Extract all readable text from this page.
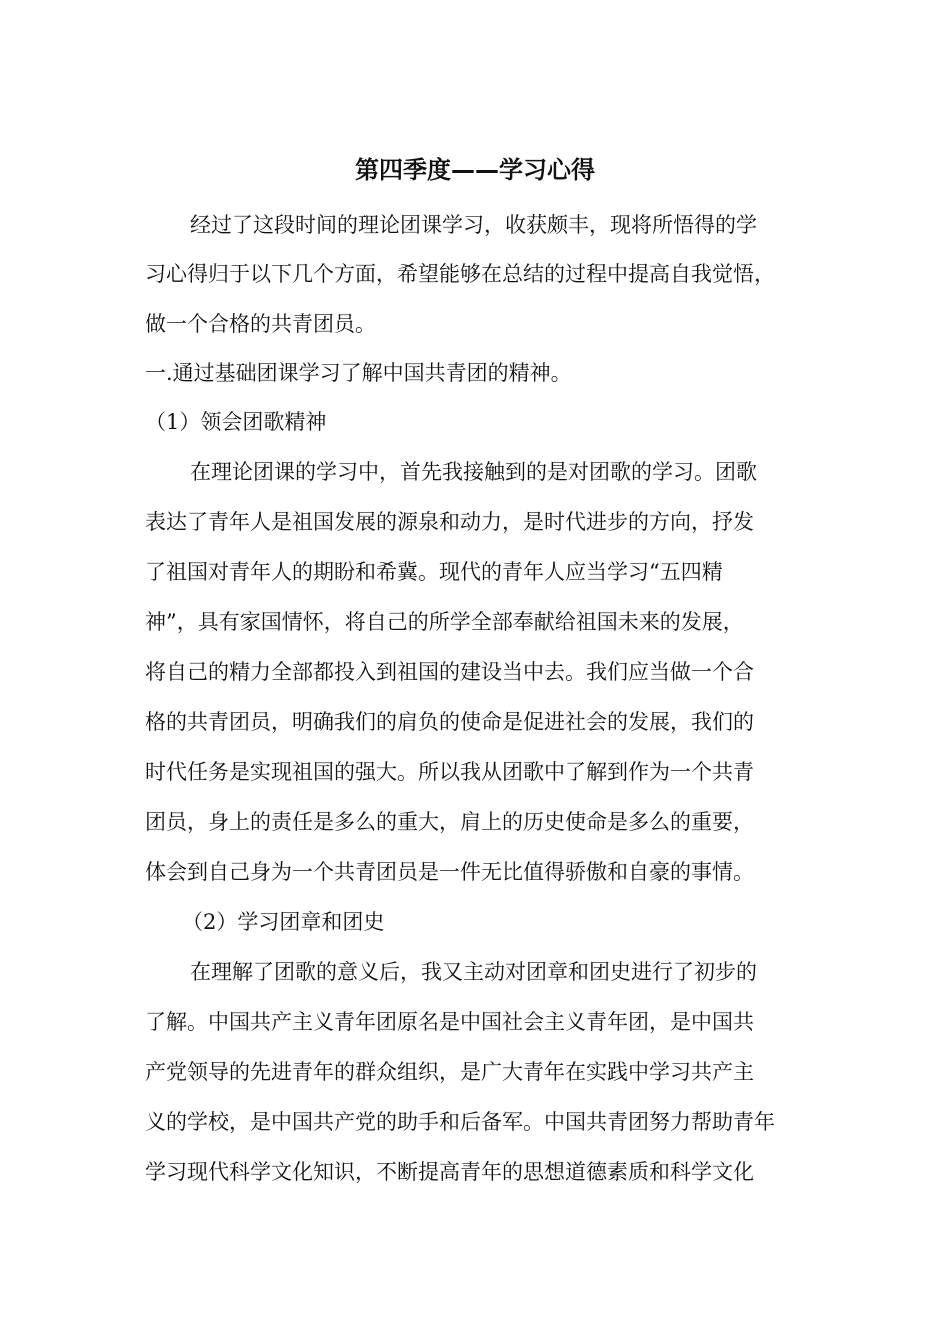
第四季度——学习心得
经过了这段时间的理论团课学习，收获颇丰，现将所悟得的学
习心得归于以下几个方面，希望能够在总结的过程中提高自我觉悟，
做一个合格的共青团员。
一.通过基础团课学习了解中国共青团的精神。
（1）领会团歌精神
在理论团课的学习中，首先我接触到的是对团歌的学习。团歌
表达了青年人是祖国发展的源泉和动力，是时代进步的方向，抒发
了祖国对青年人的期盼和希冀。现代的青年人应当学习“五四精
神”，具有家国情怀，将自己的所学全部奉献给祖国未来的发展，
将自己的精力全部都投入到祖国的建设当中去。我们应当做一个合
格的共青团员，明确我们的肩负的使命是促进社会的发展，我们的
时代任务是实现祖国的强大。所以我从团歌中了解到作为一个共青
团员，身上的责任是多么的重大，肩上的历史使命是多么的重要，
体会到自己身为一个共青团员是一件无比值得骄傲和自豪的事情。
（2）学习团章和团史
在理解了团歌的意义后，我又主动对团章和团史进行了初步的
了解。中国共产主义青年团原名是中国社会主义青年团，是中国共
产党领导的先进青年的群众组织，是广大青年在实践中学习共产主
义的学校，是中国共产党的助手和后备军。中国共青团努力帮助青年
学习现代科学文化知识，不断提高青年的思想道德素质和科学文化
